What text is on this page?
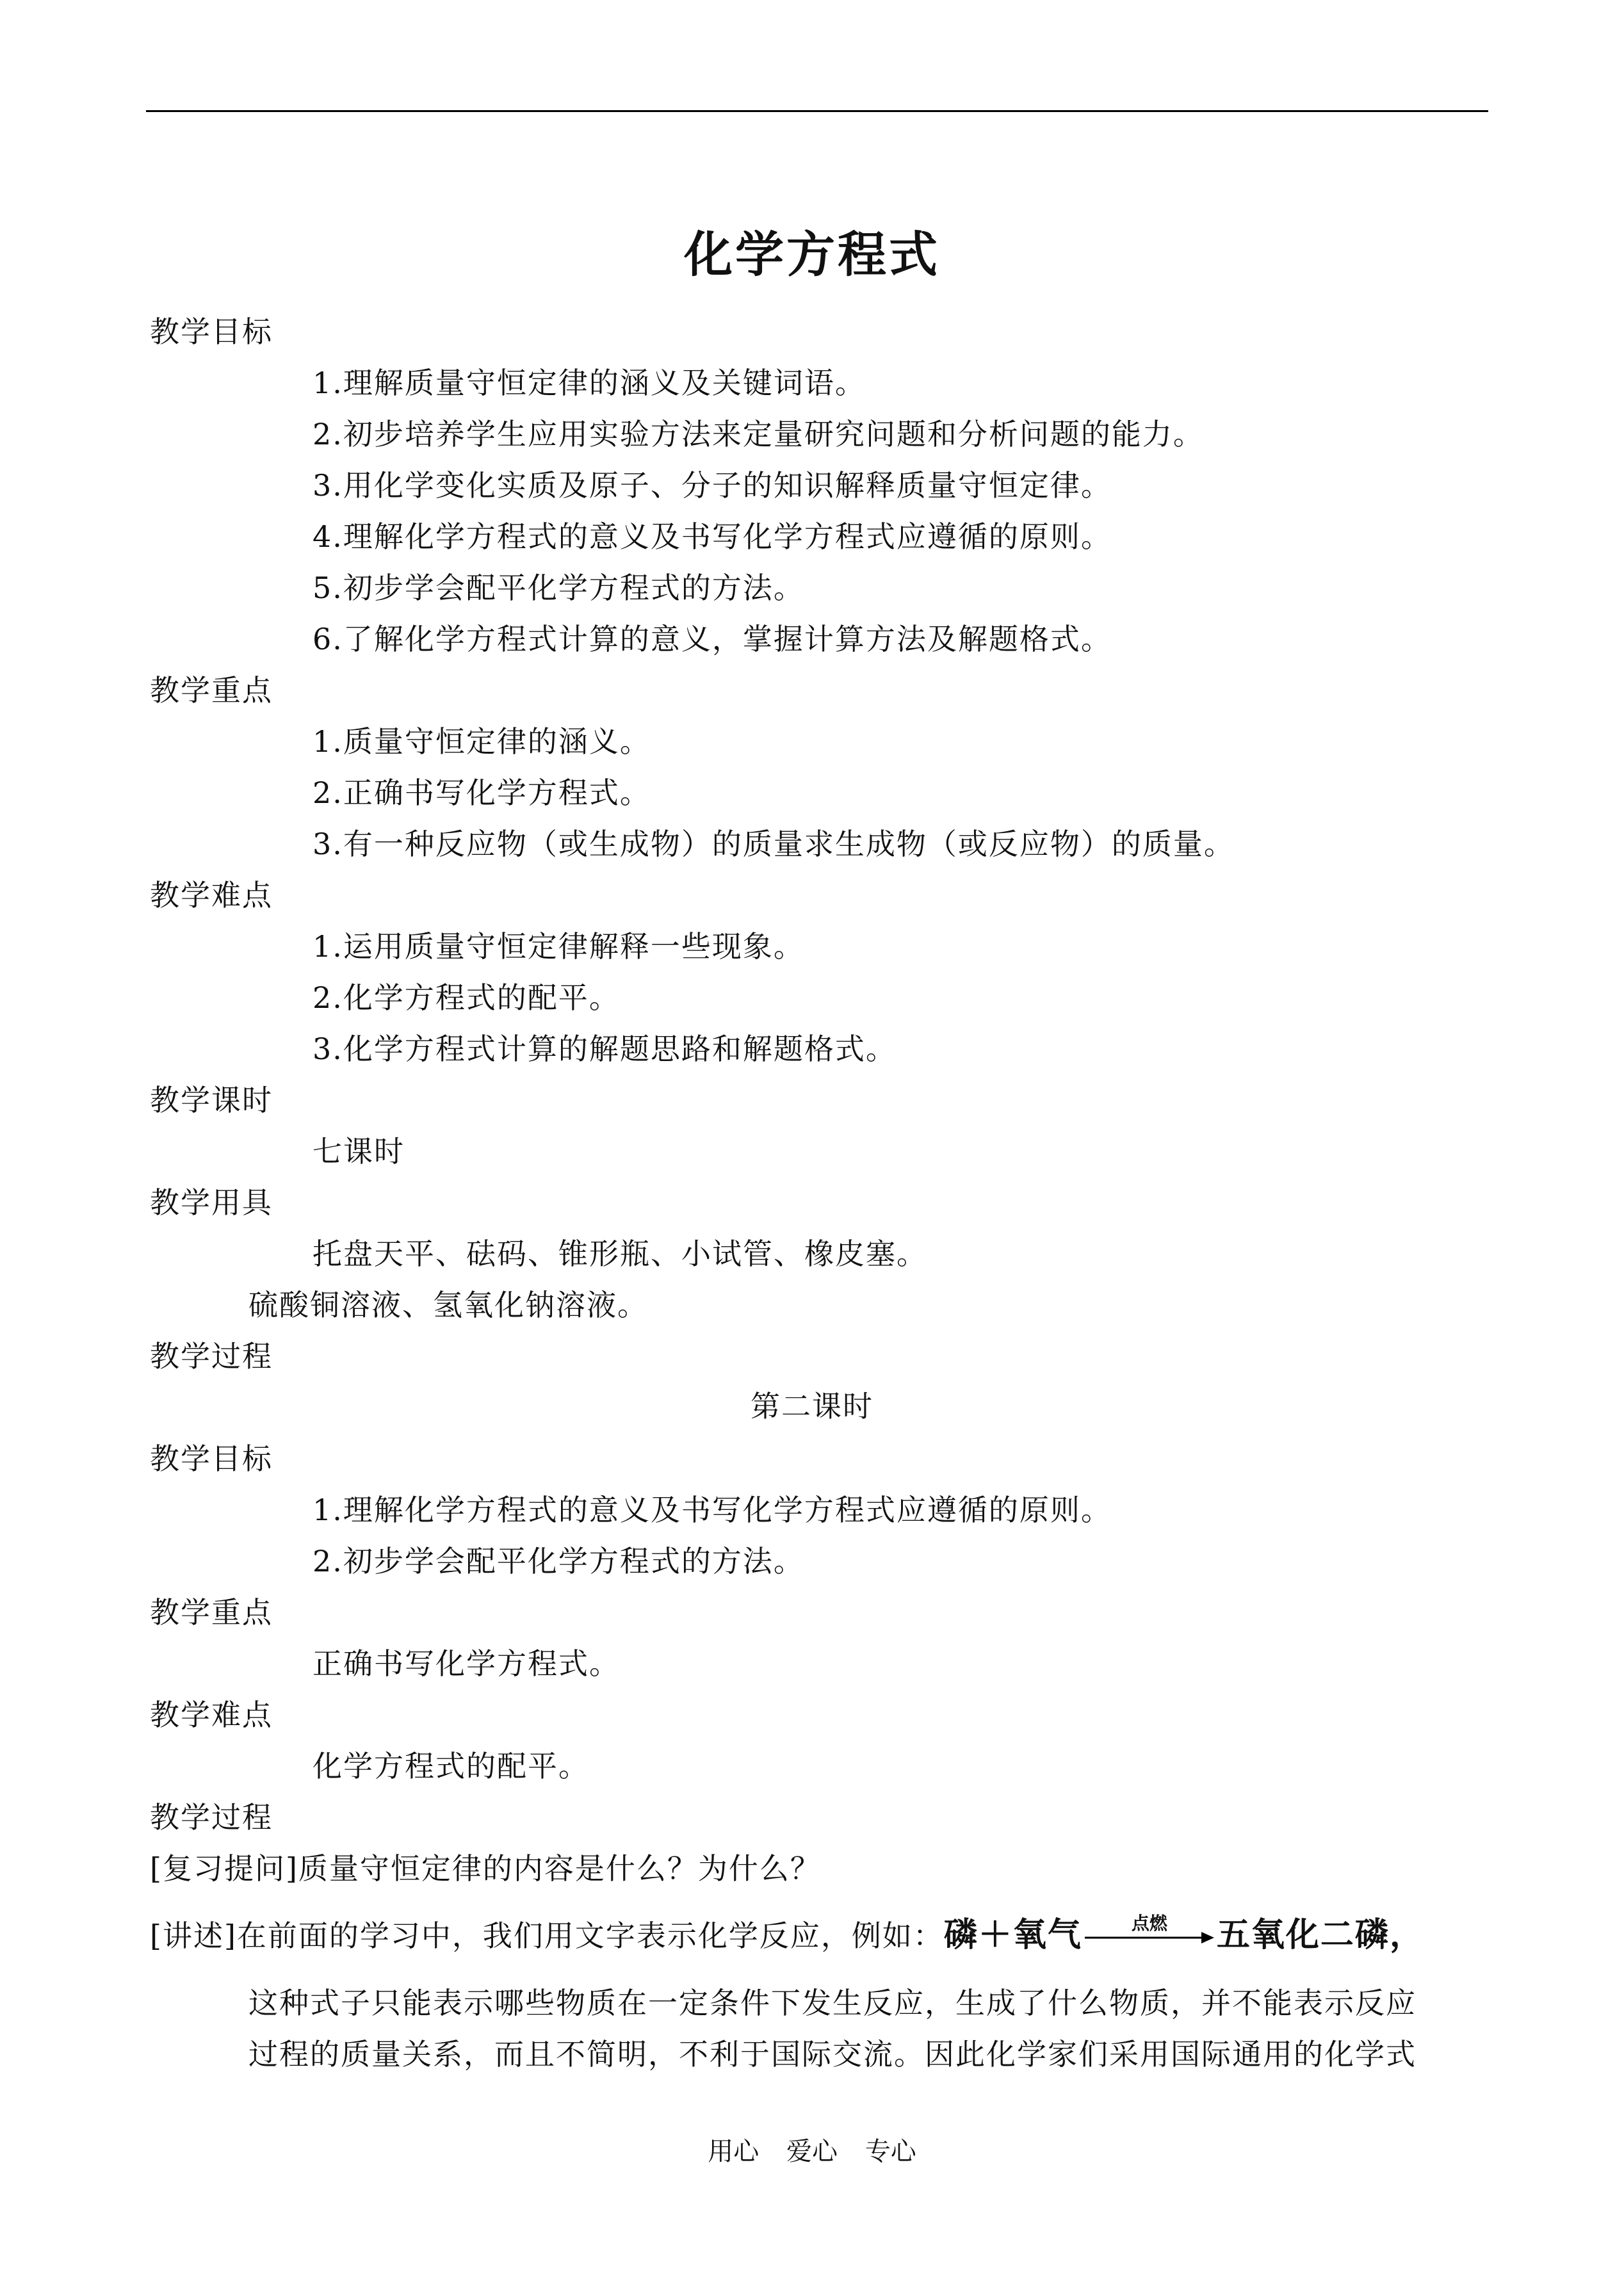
化学方程式
教学目标
1.理解质量守恒定律的涵义及关键词语。
2.初步培养学生应用实验方法来定量研究问题和分析问题的能力。
3.用化学变化实质及原子、分子的知识解释质量守恒定律。
4.理解化学方程式的意义及书写化学方程式应遵循的原则。
5.初步学会配平化学方程式的方法。
6.了解化学方程式计算的意义，掌握计算方法及解题格式。
教学重点
1.质量守恒定律的涵义。
2.正确书写化学方程式。
3.有一种反应物（或生成物）的质量求生成物（或反应物）的质量。
教学难点
1.运用质量守恒定律解释一些现象。
2.化学方程式的配平。
3.化学方程式计算的解题思路和解题格式。
教学课时
七课时
教学用具
托盘天平、砝码、锥形瓶、小试管、橡皮塞。
硫酸铜溶液、氢氧化钠溶液。
教学过程
第二课时
教学目标
1.理解化学方程式的意义及书写化学方程式应遵循的原则。
2.初步学会配平化学方程式的方法。
教学重点
正确书写化学方程式。
教学难点
化学方程式的配平。
教学过程
[复习提问]质量守恒定律的内容是什么？为什么？
[讲述]在前面的学习中，我们用文字表示化学反应，例如：磷＋氧气	点燃	五氧化二磷，
这种式子只能表示哪些物质在一定条件下发生反应，生成了什么物质，并不能表示反应
过程的质量关系，而且不简明，不利于国际交流。因此化学家们采用国际通用的化学式
用心 爱心 专心
